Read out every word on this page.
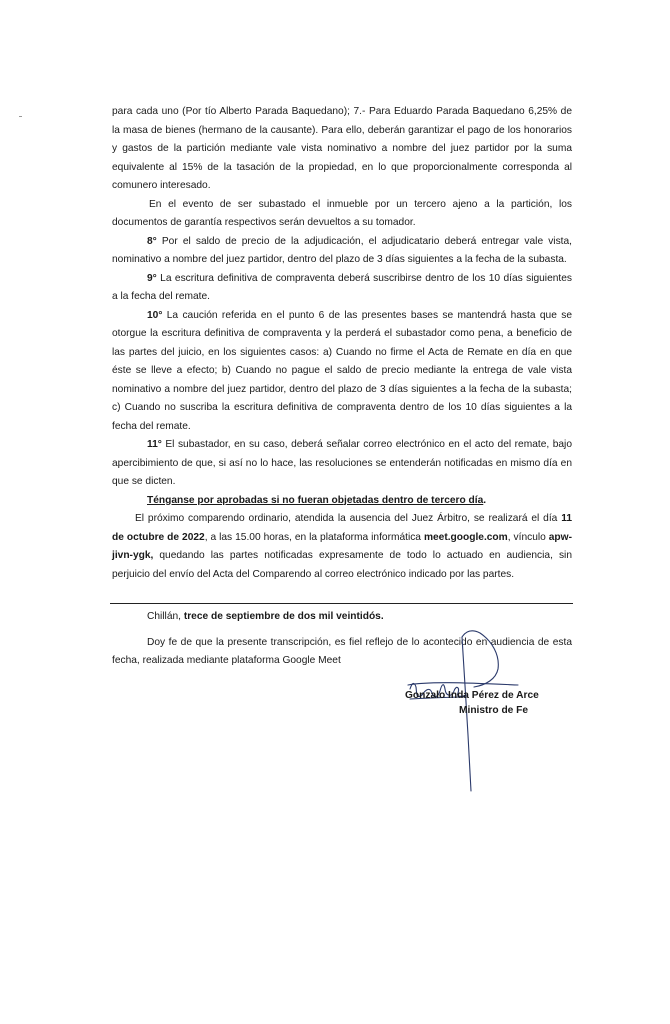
para cada uno (Por tío Alberto Parada Baquedano); 7.- Para Eduardo Parada Baquedano 6,25% de la masa de bienes (hermano de la causante). Para ello, deberán garantizar el pago de los honorarios y gastos de la partición mediante vale vista nominativo a nombre del juez partidor por la suma equivalente al 15% de la tasación de la propiedad, en lo que proporcionalmente corresponda al comunero interesado.

En el evento de ser subastado el inmueble por un tercero ajeno a la partición, los documentos de garantía respectivos serán devueltos a su tomador.

8° Por el saldo de precio de la adjudicación, el adjudicatario deberá entregar vale vista, nominativo a nombre del juez partidor, dentro del plazo de 3 días siguientes a la fecha de la subasta.

9° La escritura definitiva de compraventa deberá suscribirse dentro de los 10 días siguientes a la fecha del remate.

10° La caución referida en el punto 6 de las presentes bases se mantendrá hasta que se otorgue la escritura definitiva de compraventa y la perderá el subastador como pena, a beneficio de las partes del juicio, en los siguientes casos: a) Cuando no firme el Acta de Remate en día en que éste se lleve a efecto; b) Cuando no pague el saldo de precio mediante la entrega de vale vista nominativo a nombre del juez partidor, dentro del plazo de 3 días siguientes a la fecha de la subasta; c) Cuando no suscriba la escritura definitiva de compraventa dentro de los 10 días siguientes a la fecha del remate.

11° El subastador, en su caso, deberá señalar correo electrónico en el acto del remate, bajo apercibimiento de que, si así no lo hace, las resoluciones se entenderán notificadas en mismo día en que se dicten.

Ténganse por aprobadas si no fueran objetadas dentro de tercero día.

El próximo comparendo ordinario, atendida la ausencia del Juez Árbitro, se realizará el día 11 de octubre de 2022, a las 15.00 horas, en la plataforma informática meet.google.com, vínculo apw-jivn-ygk, quedando las partes notificadas expresamente de todo lo actuado en audiencia, sin perjuicio del envío del Acta del Comparendo al correo electrónico indicado por las partes.

Chillán, trece de septiembre de dos mil veintidós.

Doy fe de que la presente transcripción, es fiel reflejo de lo acontecido en audiencia de esta fecha, realizada mediante plataforma Google Meet

Gonzalo Inda Pérez de Arce
Ministro de Fe
